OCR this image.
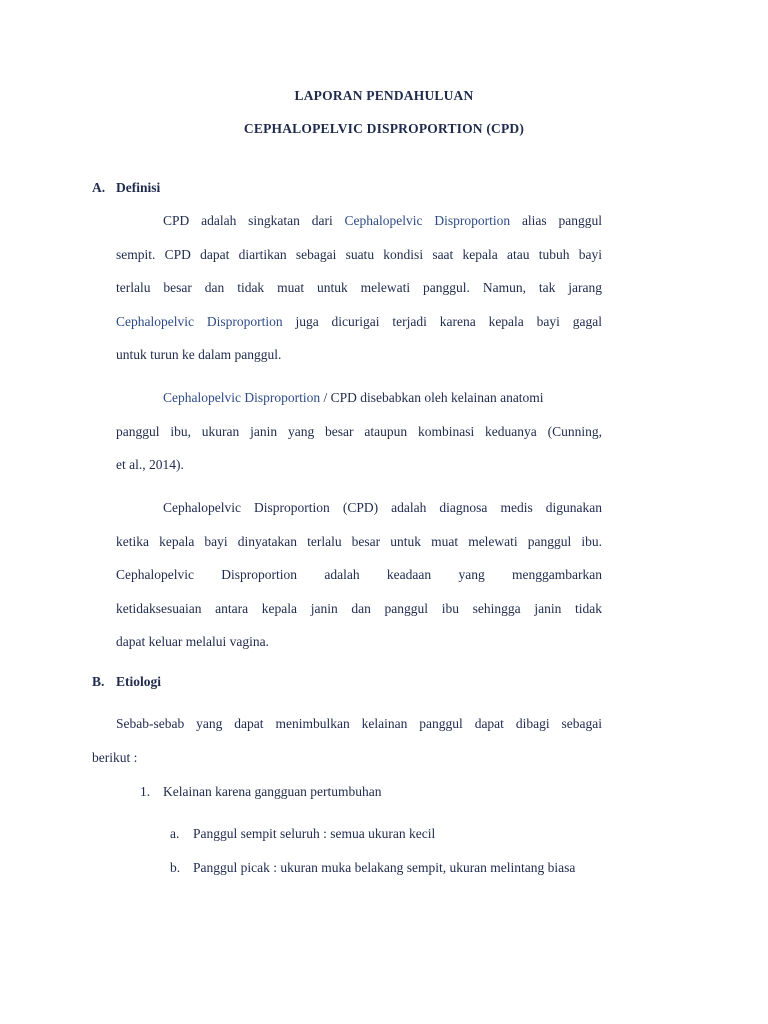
LAPORAN PENDAHULUAN
CEPHALOPELVIC DISPROPORTION (CPD)
A. Definisi
CPD adalah singkatan dari Cephalopelvic Disproportion alias panggul
sempit. CPD dapat diartikan sebagai suatu kondisi saat kepala atau tubuh bayi
terlalu besar dan tidak muat untuk melewati panggul. Namun, tak jarang
Cephalopelvic Disproportion juga dicurigai terjadi karena kepala bayi gagal
untuk turun ke dalam panggul.
Cephalopelvic Disproportion / CPD disebabkan oleh kelainan anatomi
panggul ibu, ukuran janin yang besar ataupun kombinasi keduanya (Cunning,
et al., 2014).
Cephalopelvic Disproportion (CPD) adalah diagnosa medis digunakan
ketika kepala bayi dinyatakan terlalu besar untuk muat melewati panggul ibu.
Cephalopelvic Disproportion adalah keadaan yang menggambarkan
ketidaksesuaian antara kepala janin dan panggul ibu sehingga janin tidak
dapat keluar melalui vagina.
B. Etiologi
Sebab-sebab yang dapat menimbulkan kelainan panggul dapat dibagi sebagai
berikut :
1. Kelainan karena gangguan pertumbuhan
a. Panggul sempit seluruh : semua ukuran kecil
b. Panggul picak : ukuran muka belakang sempit, ukuran melintang biasa
